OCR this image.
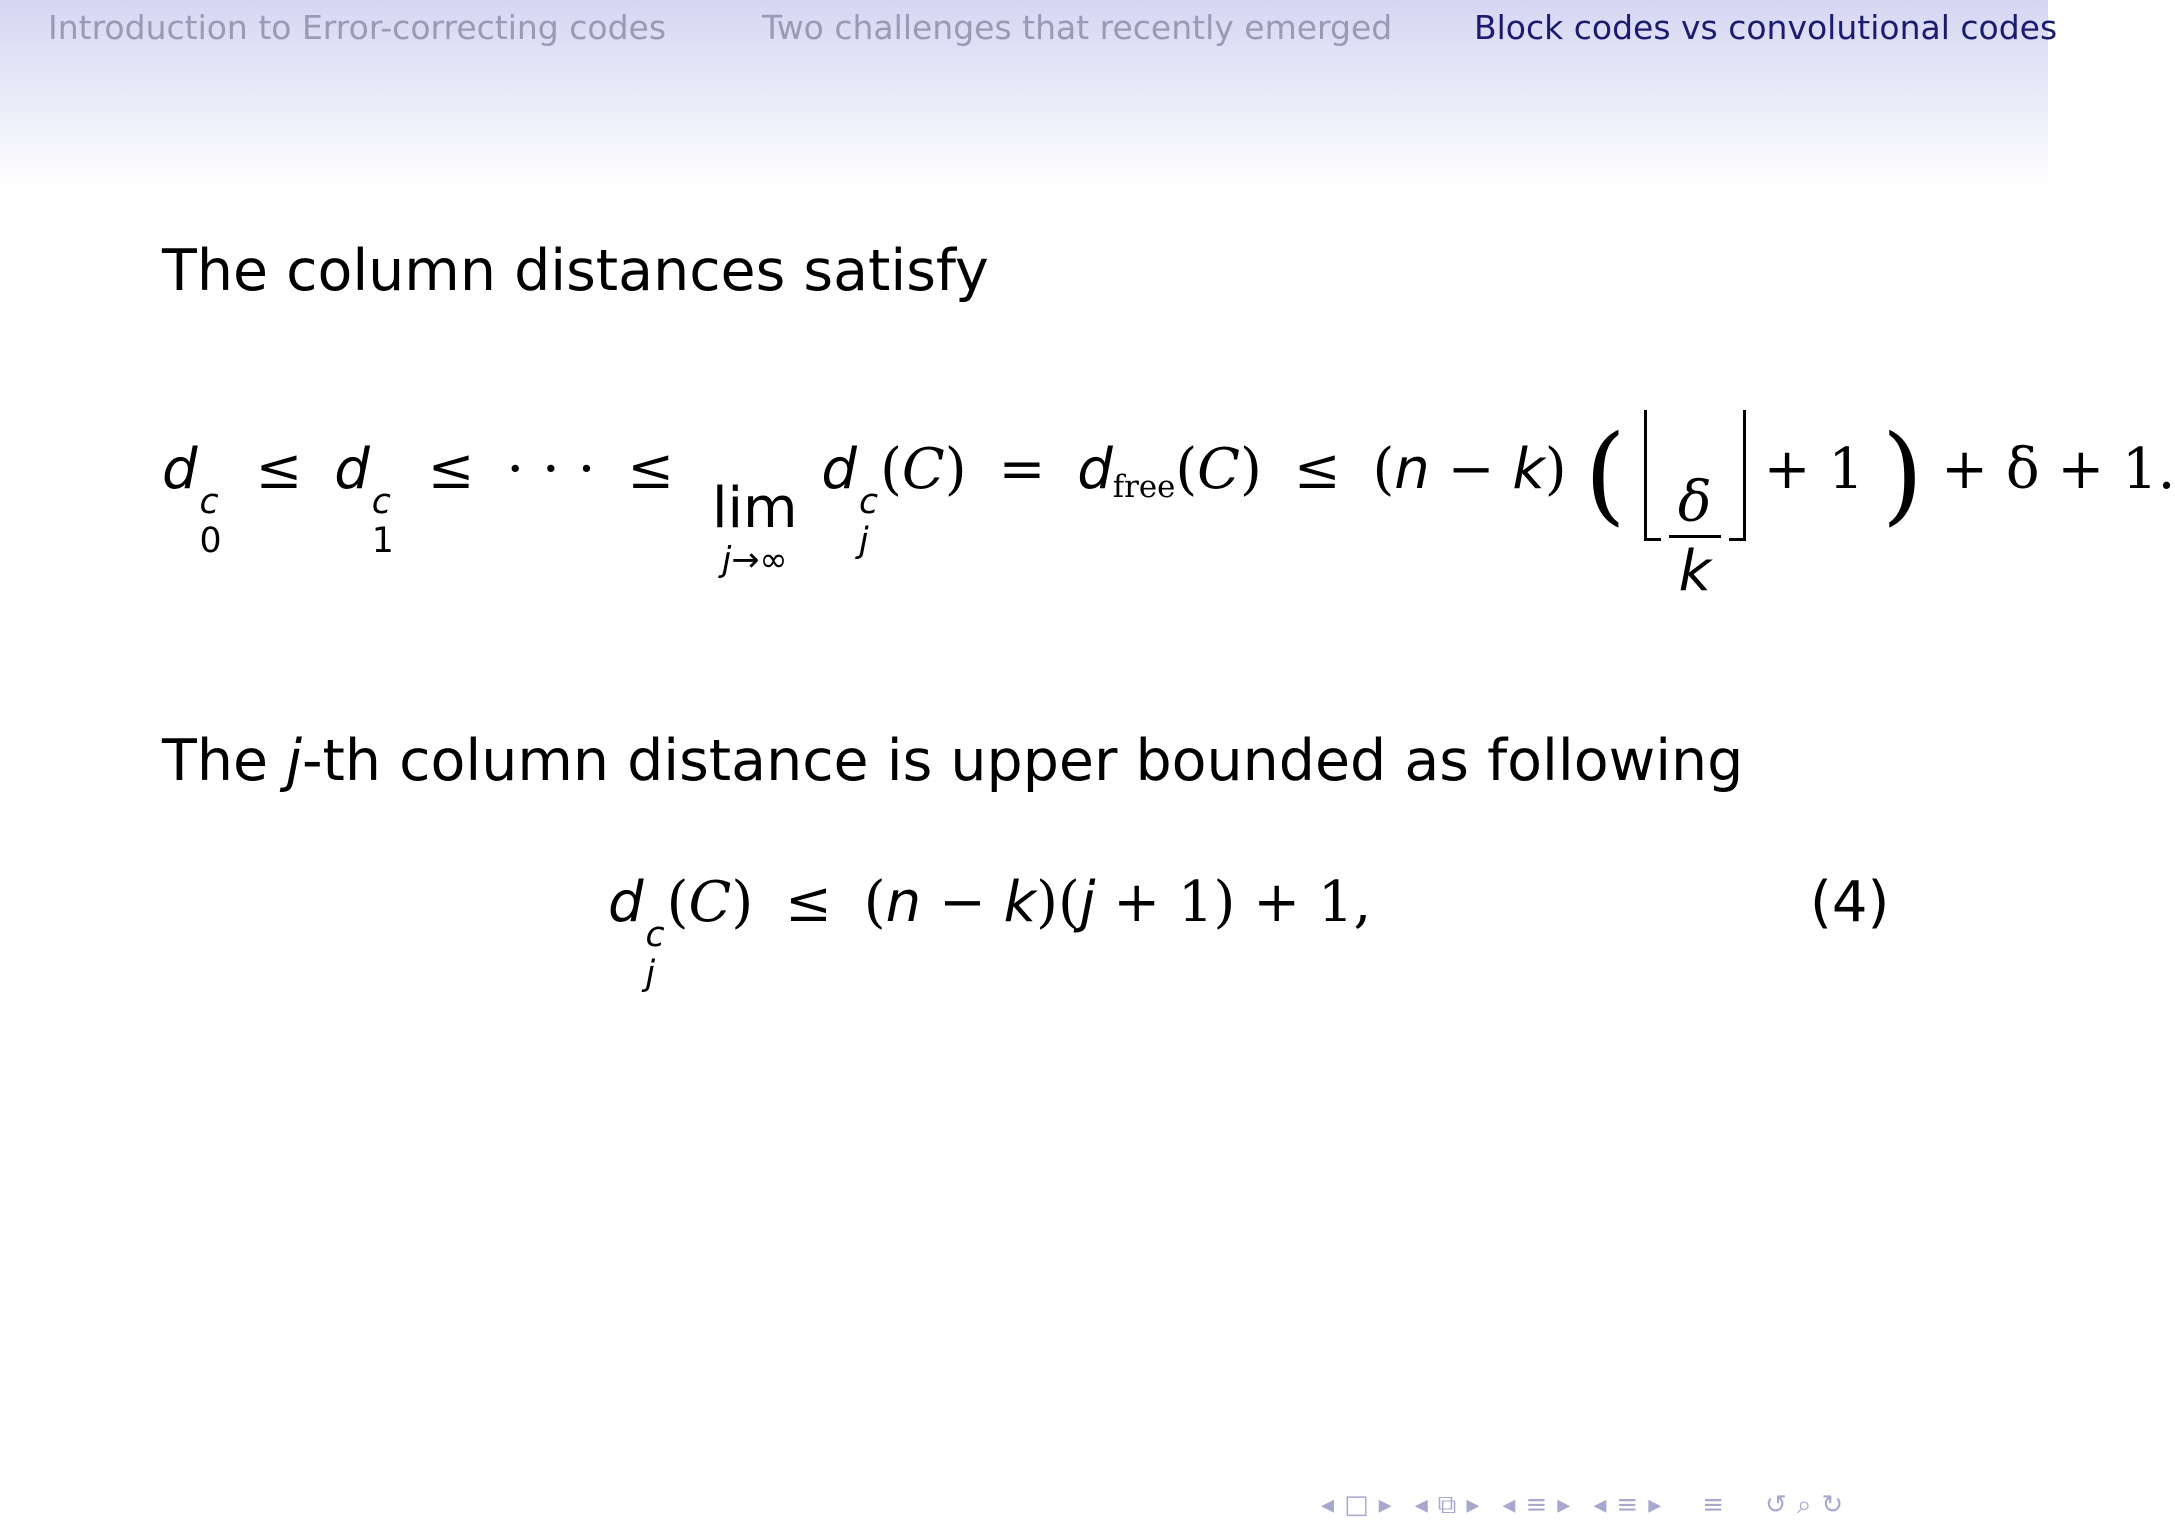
Introduction to Error-correcting codes	Two challenges that recently emerged Block codes vs convolutional codes
The column distances satisfy
d
c
0
≤ d
c
1
≤ · · · ≤
lim
j→∞
d
c
j
(C) = dfree(C) ≤ (n − k) (
$\frac{\delta}{k}$
+ 1 ) + δ + 1.
The j-th column distance is upper bounded as following
d
c
j
(C) ≤ (n − k)(j + 1) + 1,	(4)
◂ □ ▸ ◂ ⧉ ▸ ◂ ≡ ▸ ◂ ≡ ▸ ≡ ↺ ⌕ ↻
